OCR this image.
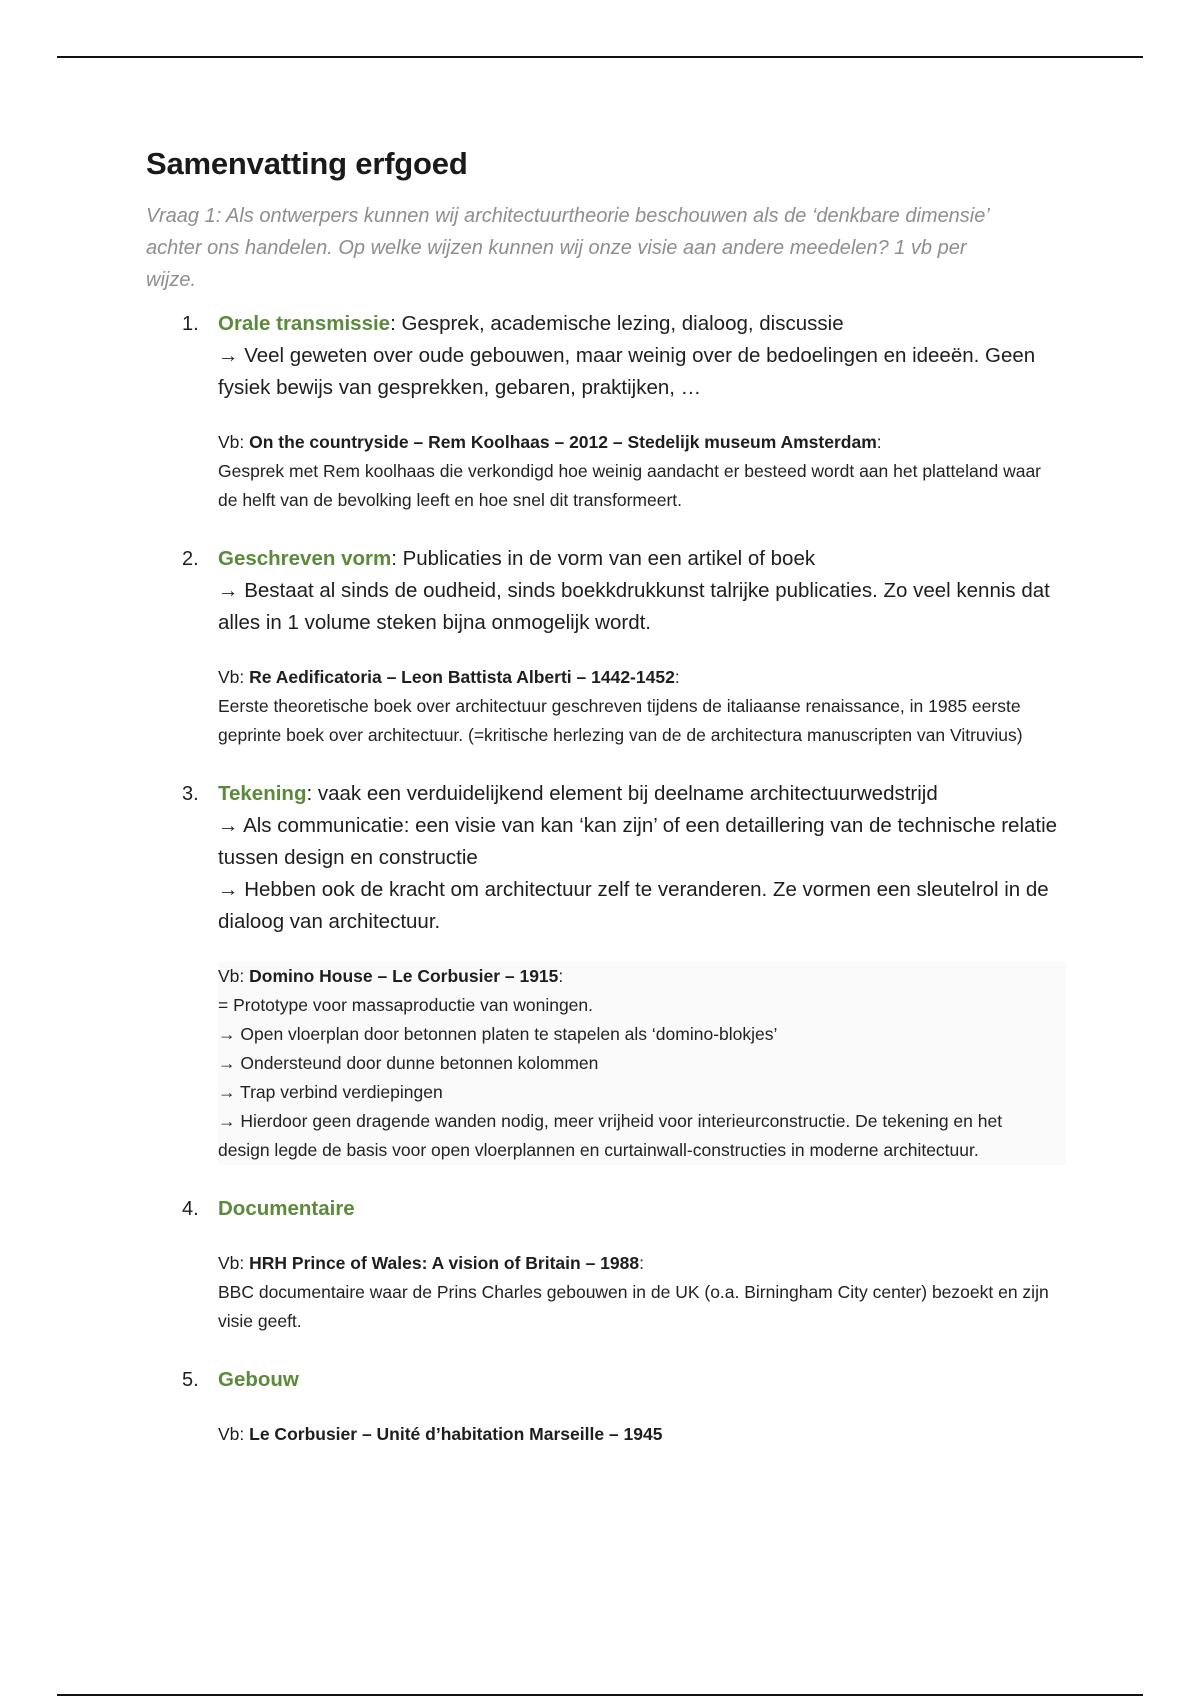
Samenvatting erfgoed

Vraag 1: Als ontwerpers kunnen wij architectuurtheorie beschouwen als de ‘denkbare dimensie’ achter ons handelen. Op welke wijzen kunnen wij onze visie aan andere meedelen? 1 vb per wijze.

1. Orale transmissie: Gesprek, academische lezing, dialoog, discussie
→ Veel geweten over oude gebouwen, maar weinig over de bedoelingen en ideeën. Geen fysiek bewijs van gesprekken, gebaren, praktijken, …
Vb: On the countryside – Rem Koolhaas – 2012 – Stedelijk museum Amsterdam:
Gesprek met Rem koolhaas die verkondigd hoe weinig aandacht er besteed wordt aan het platteland waar de helft van de bevolking leeft en hoe snel dit transformeert.
2. Geschreven vorm: Publicaties in de vorm van een artikel of boek
→ Bestaat al sinds de oudheid, sinds boekkdrukkunst talrijke publicaties. Zo veel kennis dat alles in 1 volume steken bijna onmogelijk wordt.
Vb: Re Aedificatoria – Leon Battista Alberti – 1442-1452:
Eerste theoretische boek over architectuur geschreven tijdens de italiaanse renaissance, in 1985 eerste geprinte boek over architectuur. (=kritische herlezing van de de architectura manuscripten van Vitruvius)
3. Tekening: vaak een verduidelijkend element bij deelname architectuurwedstrijd
→ Als communicatie: een visie van kan ‘kan zijn’ of een detaillering van de technische relatie tussen design en constructie
→ Hebben ook de kracht om architectuur zelf te veranderen. Ze vormen een sleutelrol in de dialoog van architectuur.
Vb: Domino House – Le Corbusier – 1915:
= Prototype voor massaproductie van woningen.
→ Open vloerplan door betonnen platen te stapelen als ‘domino-blokjes’
→ Ondersteund door dunne betonnen kolommen
→ Trap verbind verdiepingen
→ Hierdoor geen dragende wanden nodig, meer vrijheid voor interieurconstructie. De tekening en het design legde de basis voor open vloerplannen en curtainwall-constructies in moderne architectuur.
4. Documentaire
Vb: HRH Prince of Wales: A vision of Britain – 1988:
BBC documentaire waar de Prins Charles gebouwen in de UK (o.a. Birningham City center) bezoekt en zijn visie geeft.
5. Gebouw
Vb: Le Corbusier – Unité d’habitation Marseille – 1945
